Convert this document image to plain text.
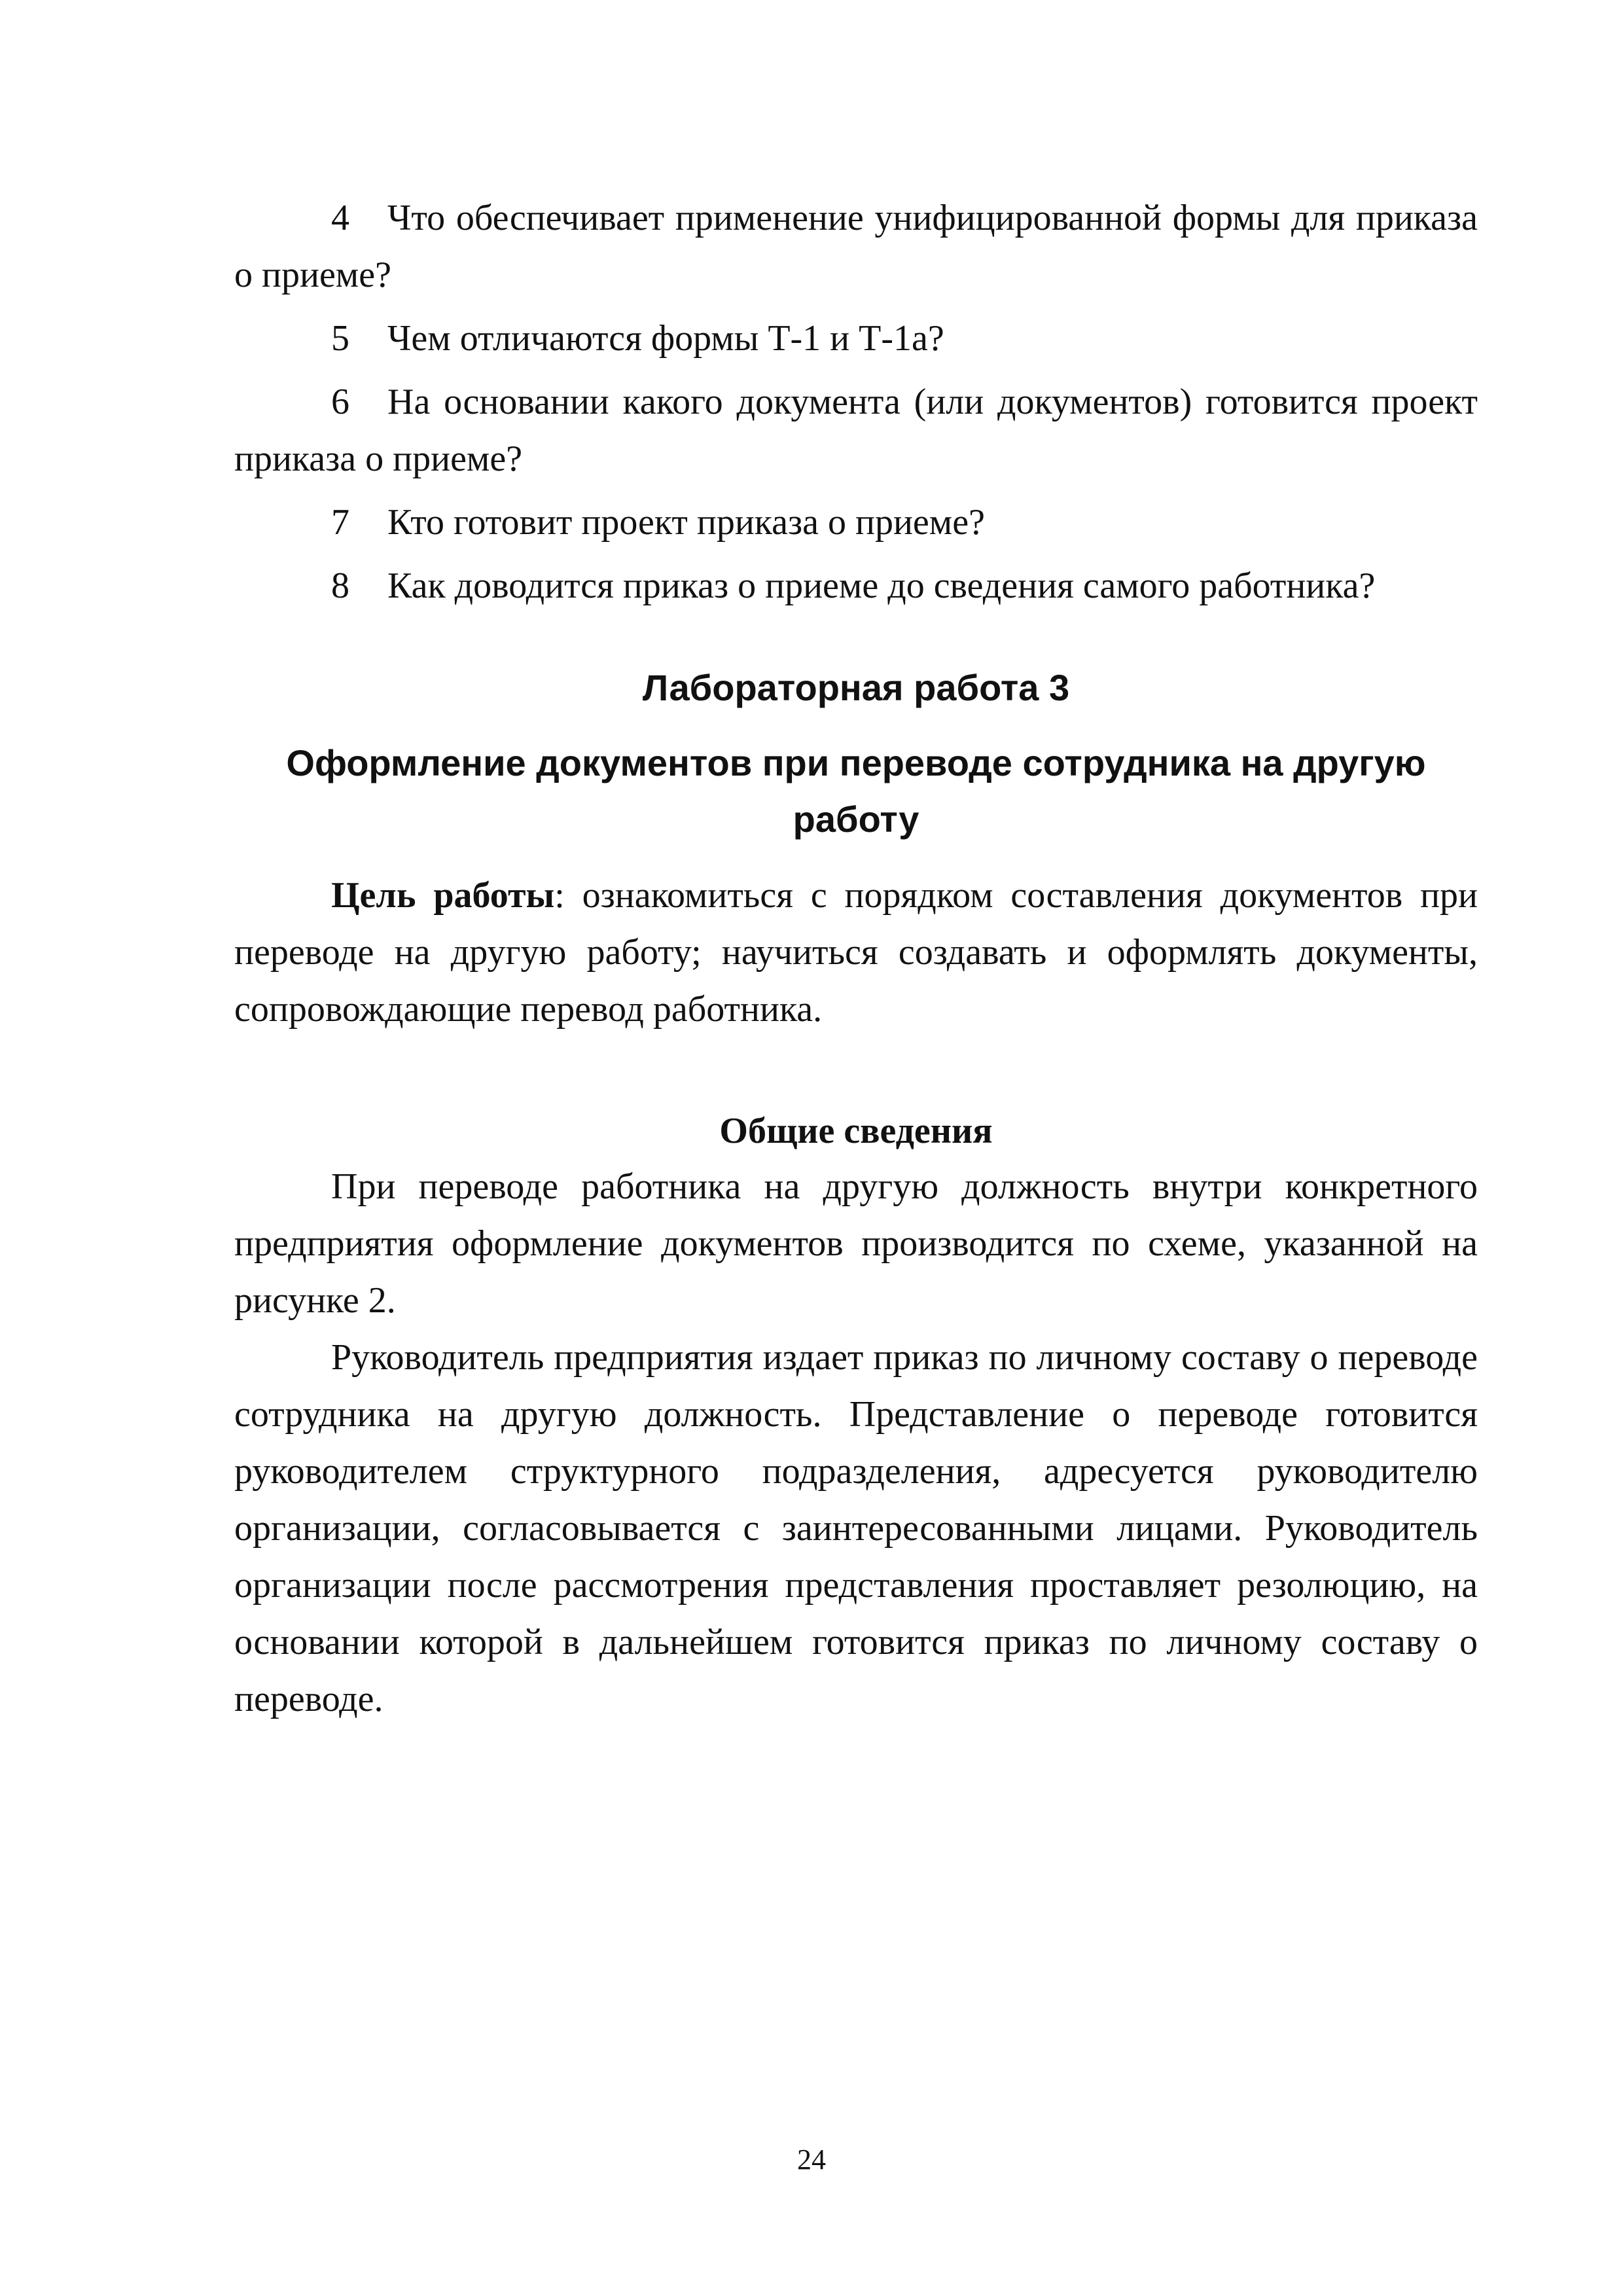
4 Что обеспечивает применение унифицированной формы для приказа о приеме?

5 Чем отличаются формы Т-1 и Т-1а?

6 На основании какого документа (или документов) готовится проект приказа о приеме?

7 Кто готовит проект приказа о приеме?

8 Как доводится приказ о приеме до сведения самого работника?

Лабораторная работа 3
Оформление документов при переводе сотрудника на другую работу

Цель работы: ознакомиться с порядком составления документов при переводе на другую работу; научиться создавать и оформлять документы, сопровождающие перевод работника.

Общие сведения

При переводе работника на другую должность внутри конкретного предприятия оформление документов производится по схеме, указанной на рисунке 2.

Руководитель предприятия издает приказ по личному составу о переводе сотрудника на другую должность. Представление о переводе готовится руководителем структурного подразделения, адресуется руководителю организации, согласовывается с заинтересованными лицами. Руководитель организации после рассмотрения представления проставляет резолюцию, на основании которой в дальнейшем готовится приказ по личному составу о переводе.

24
